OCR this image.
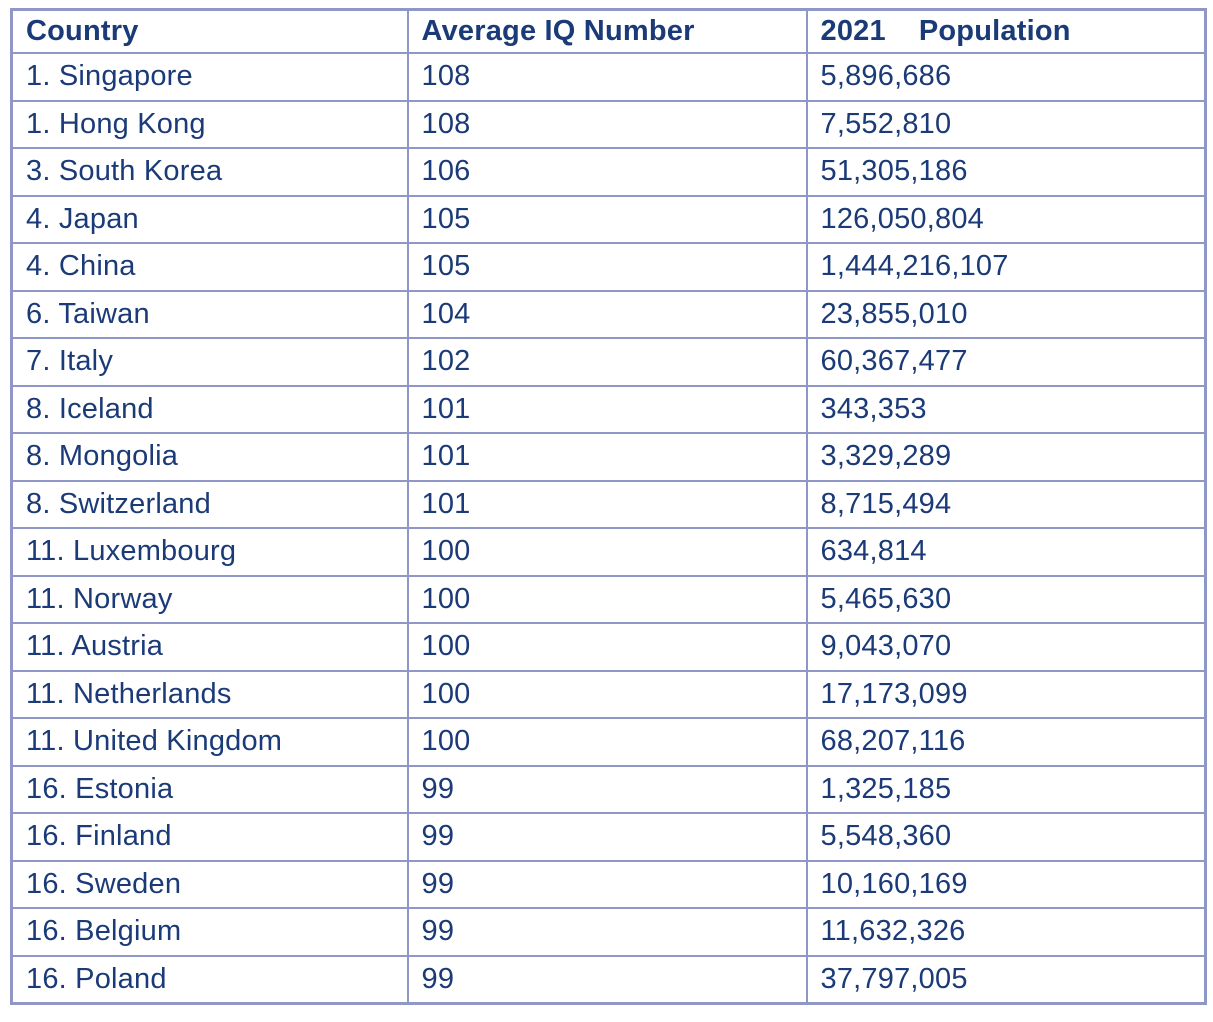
Country	Average IQ Number	2021    Population
1. Singapore	108	5,896,686
1. Hong Kong	108	7,552,810
3. South Korea	106	51,305,186
4. Japan	105	126,050,804
4. China	105	1,444,216,107
6. Taiwan	104	23,855,010
7. Italy	102	60,367,477
8. Iceland	101	343,353
8. Mongolia	101	3,329,289
8. Switzerland	101	8,715,494
11. Luxembourg	100	634,814
11. Norway	100	5,465,630
11. Austria	100	9,043,070
11. Netherlands	100	17,173,099
11. United Kingdom	100	68,207,116
16. Estonia	99	1,325,185
16. Finland	99	5,548,360
16. Sweden	99	10,160,169
16. Belgium	99	11,632,326
16. Poland	99	37,797,005
